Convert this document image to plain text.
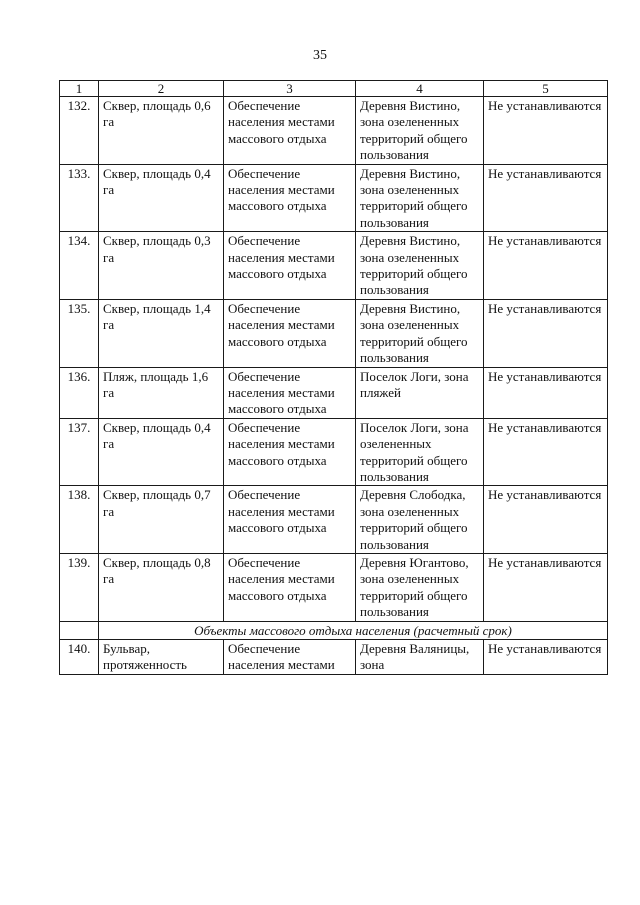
35
1	2	3	4	5
132.	Сквер, площадь 0,6 га	Обеспечение населения местами массового отдыха	Деревня Вистино, зона озелененных территорий общего пользования	Не устанавливаются
133.	Сквер, площадь 0,4 га	Обеспечение населения местами массового отдыха	Деревня Вистино, зона озелененных территорий общего пользования	Не устанавливаются
134.	Сквер, площадь 0,3 га	Обеспечение населения местами массового отдыха	Деревня Вистино, зона озелененных территорий общего пользования	Не устанавливаются
135.	Сквер, площадь 1,4 га	Обеспечение населения местами массового отдыха	Деревня Вистино, зона озелененных территорий общего пользования	Не устанавливаются
136.	Пляж, площадь 1,6 га	Обеспечение населения местами массового отдыха	Поселок Логи, зона пляжей	Не устанавливаются
137.	Сквер, площадь 0,4 га	Обеспечение населения местами массового отдыха	Поселок Логи, зона озелененных территорий общего пользования	Не устанавливаются
138.	Сквер, площадь 0,7 га	Обеспечение населения местами массового отдыха	Деревня Слободка, зона озелененных территорий общего пользования	Не устанавливаются
139.	Сквер, площадь 0,8 га	Обеспечение населения местами массового отдыха	Деревня Югантово, зона озелененных территорий общего пользования	Не устанавливаются
	Объекты массового отдыха населения (расчетный срок)			
140.	Бульвар, протяженность	Обеспечение населения местами	Деревня Валяницы, зона	Не устанавливаются
